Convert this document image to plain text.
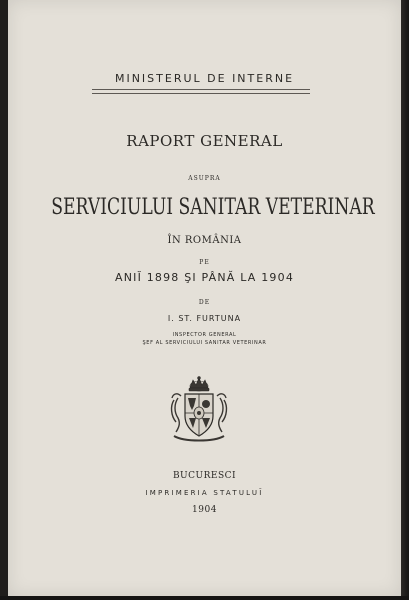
MINISTERUL DE INTERNE
RAPORT GENERAL
ASUPRA
SERVICIULUI SANITAR VETERINAR
ÎN ROMÂNIA
PE
ANIĬ 1898 ŞI PÂNĂ LA 1904
DE
I. ST. FURTUNA
INSPECTOR GENERAL
ŞEF AL SERVICIULUI SANITAR VETERINAR
BUCURESCI
IMPRIMERIA STATULUĬ
1904
